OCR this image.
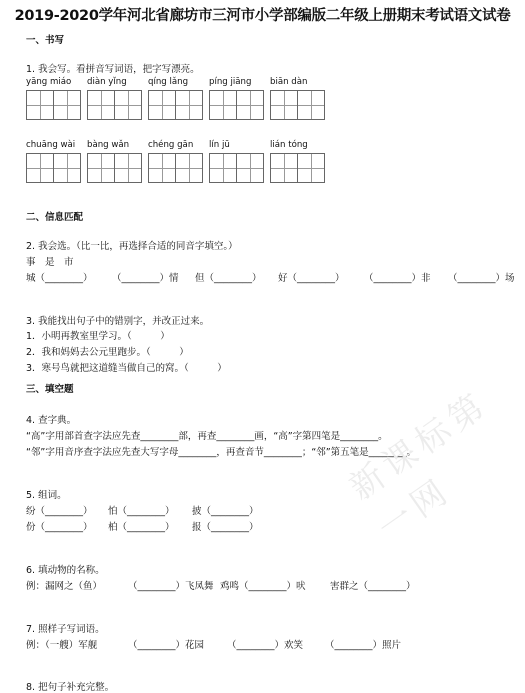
2019-2020学年河北省廊坊市三河市小学部编版二年级上册期末考试语文试卷
一、书写
1. 我会写。看拼音写词语，把字写漂亮。
yāng miáo diàn yǐng qíng lǎng píng jiāng biān dàn
chuāng wài bàng wǎn chéng gān lín jū	lián tóng
二、信息匹配
2. 我会选。（比一比，再选择合适的同音字填空。）
事　是　市
城（________） （________）情 但（________） 好（________） （________）非 （________）场
3. 我能找出句子中的错别字，并改正过来。
1．小明再教室里学习。（　　　）
2．我和妈妈去公元里跑步。（　　　）
3．寒号鸟就把这道缝当做自己的窝。（　　　）
三、填空题
4. 查字典。
“高”字用部首查字法应先查________部，再查________画，“高”字第四笔是________。
“邻”字用音序查字法应先查大写字母________，再查音节________；“邻”第五笔是________。
5. 组词。
纷（________） 怕（________） 披（________）
份（________） 柏（________） 报（________）
6. 填动物的名称。
例：漏网之（鱼）	（________）飞凤舞 鸡鸣（________）吠	害群之（________）
7. 照样子写词语。
例：（一艘）军舰	（________）花园 （________）欢笑 （________）照片
8. 把句子补充完整。
新课标第一网
